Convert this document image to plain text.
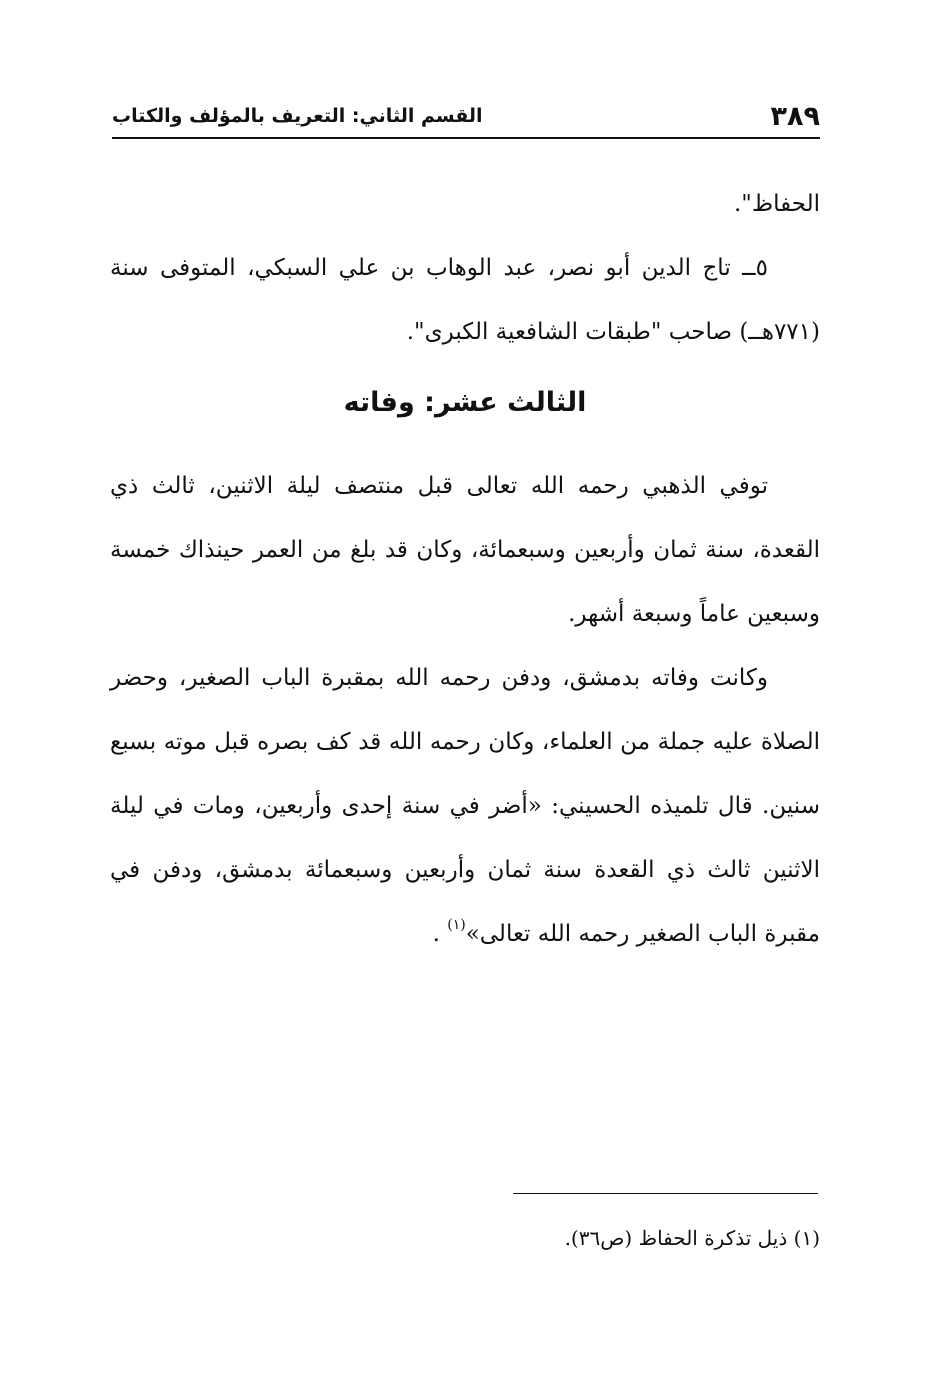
٣٨٩
القسم الثاني: التعريف بالمؤلف والكتاب

الحفاظ".

٥ــ تاج الدين أبو نصر، عبد الوهاب بن علي السبكي، المتوفى سنة (٧٧١هــ) صاحب "طبقات الشافعية الكبرى".

الثالث عشر: وفاته

توفي الذهبي رحمه الله تعالى قبل منتصف ليلة الاثنين، ثالث ذي القعدة، سنة ثمان وأربعين وسبعمائة، وكان قد بلغ من العمر حينذاك خمسة وسبعين عاماً وسبعة أشهر.

وكانت وفاته بدمشق، ودفن رحمه الله بمقبرة الباب الصغير، وحضر الصلاة عليه جملة من العلماء، وكان رحمه الله قد كف بصره قبل موته بسبع سنين. قال تلميذه الحسيني: «أضر في سنة إحدى وأربعين، ومات في ليلة الاثنين ثالث ذي القعدة سنة ثمان وأربعين وسبعمائة بدمشق، ودفن في مقبرة الباب الصغير رحمه الله تعالى»$^{(١)}$ .

(١) ذيل تذكرة الحفاظ (ص٣٦).
